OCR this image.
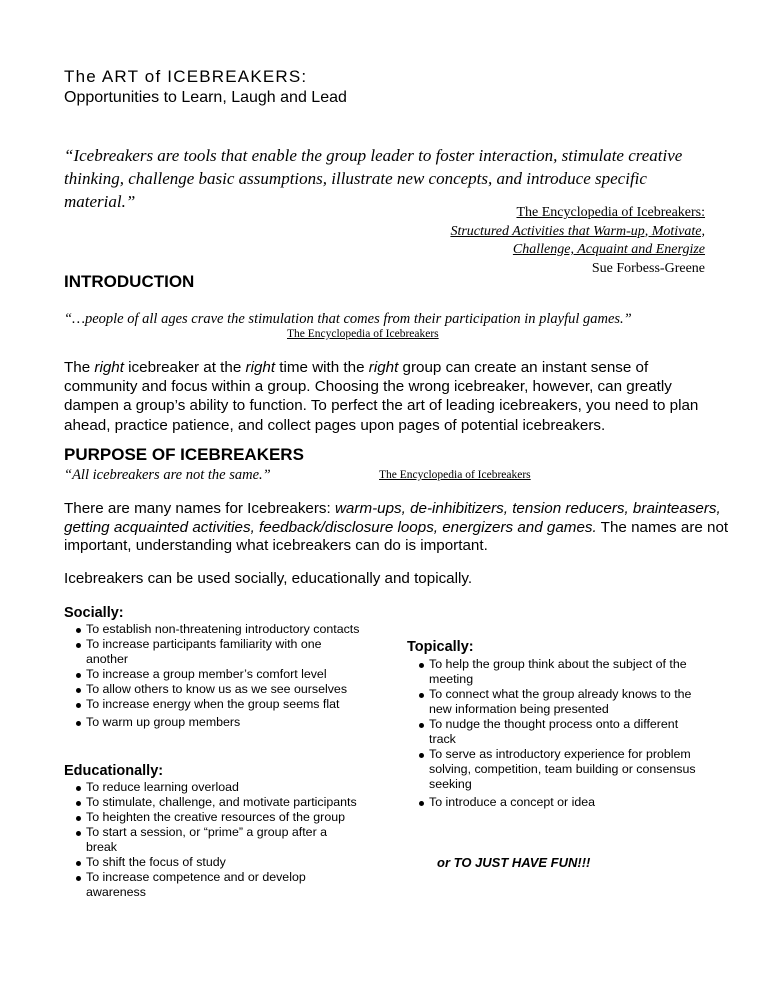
The ART of ICEBREAKERS:
Opportunities to Learn, Laugh and Lead
“Icebreakers are tools that enable the group leader to foster interaction, stimulate creative thinking, challenge basic assumptions, illustrate new concepts, and introduce specific material.”
The Encyclopedia of Icebreakers:
Structured Activities that Warm-up, Motivate,
Challenge, Acquaint and Energize
Sue Forbess-Greene
INTRODUCTION
“…people of all ages crave the stimulation that comes from their participation in playful games.”
The Encyclopedia of Icebreakers

The right icebreaker at the right time with the right group can create an instant sense of community and focus within a group. Choosing the wrong icebreaker, however, can greatly dampen a group’s ability to function. To perfect the art of leading icebreakers, you need to plan ahead, practice patience, and collect pages upon pages of potential icebreakers.

PURPOSE OF ICEBREAKERS
“All icebreakers are not the same.”	The Encyclopedia of Icebreakers

There are many names for Icebreakers: warm-ups, de-inhibitizers, tension reducers, brainteasers, getting acquainted activities, feedback/disclosure loops, energizers and games. The names are not important, understanding what icebreakers can do is important.

Icebreakers can be used socially, educationally and topically.

Socially:
To establish non-threatening introductory contacts
To increase participants familiarity with one another
To increase a group member’s comfort level
To allow others to know us as we see ourselves
To increase energy when the group seems flat
To warm up group members
Educationally:
To reduce learning overload
To stimulate, challenge, and motivate participants
To heighten the creative resources of the group
To start a session, or “prime” a group after a break
To shift the focus of study
To increase competence and or develop awareness
Topically:
To help the group think about the subject of the meeting
To connect what the group already knows to the new information being presented
To nudge the thought process onto a different track
To serve as introductory experience for problem solving, competition, team building or consensus seeking
To introduce a concept or idea
or TO JUST HAVE FUN!!!
